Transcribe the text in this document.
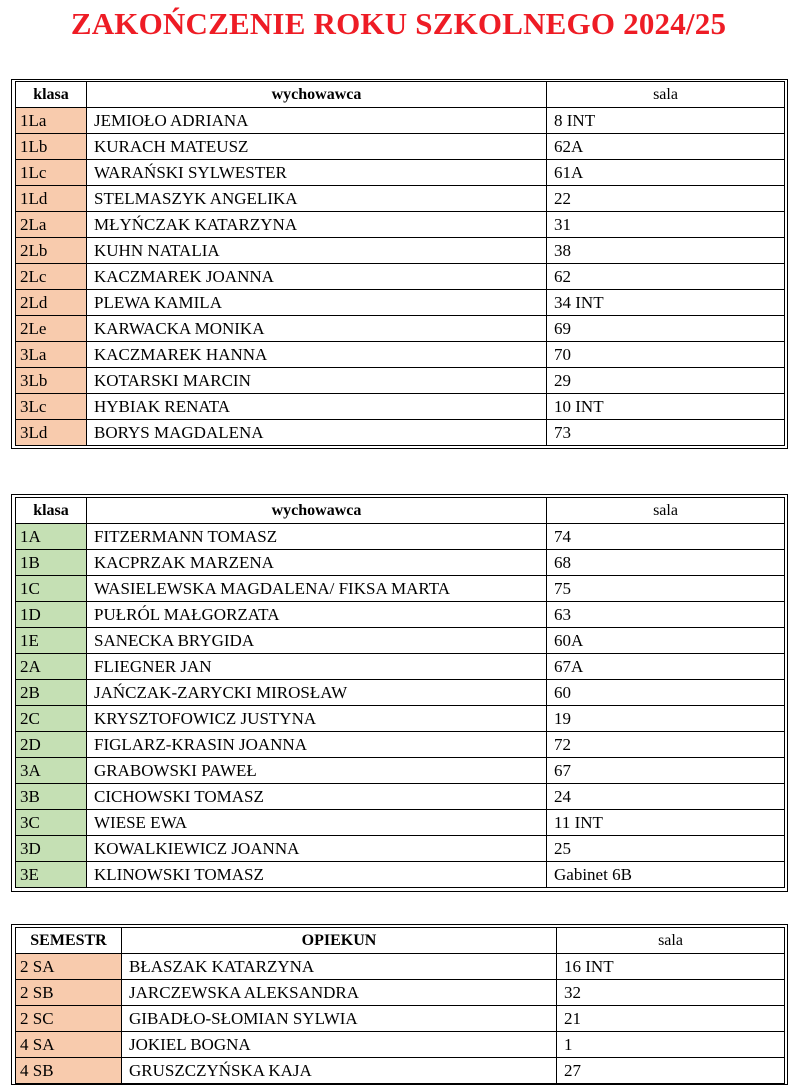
ZAKOŃCZENIE ROKU SZKOLNEGO 2024/25
klasa	wychowawca	sala
1La	JEMIOŁO ADRIANA	8 INT
1Lb	KURACH MATEUSZ	62A
1Lc	WARAŃSKI SYLWESTER	61A
1Ld	STELMASZYK ANGELIKA	22
2La	MŁYŃCZAK KATARZYNA	31
2Lb	KUHN NATALIA	38
2Lc	KACZMAREK JOANNA	62
2Ld	PLEWA KAMILA	34 INT
2Le	KARWACKA MONIKA	69
3La	KACZMAREK HANNA	70
3Lb	KOTARSKI MARCIN	29
3Lc	HYBIAK RENATA	10 INT
3Ld	BORYS MAGDALENA	73
klasa	wychowawca	sala
1A	FITZERMANN TOMASZ	74
1B	KACPRZAK MARZENA	68
1C	WASIELEWSKA MAGDALENA/ FIKSA MARTA	75
1D	PUŁRÓL MAŁGORZATA	63
1E	SANECKA BRYGIDA	60A
2A	FLIEGNER JAN	67A
2B	JAŃCZAK-ZARYCKI MIROSŁAW	60
2C	KRYSZTOFOWICZ JUSTYNA	19
2D	FIGLARZ-KRASIN JOANNA	72
3A	GRABOWSKI PAWEŁ	67
3B	CICHOWSKI TOMASZ	24
3C	WIESE EWA	11 INT
3D	KOWALKIEWICZ JOANNA	25
3E	KLINOWSKI TOMASZ	Gabinet 6B
SEMESTR	OPIEKUN	sala
2 SA	BŁASZAK KATARZYNA	16 INT
2 SB	JARCZEWSKA ALEKSANDRA	32
2 SC	GIBADŁO-SŁOMIAN SYLWIA	21
4 SA	JOKIEL BOGNA	1
4 SB	GRUSZCZYŃSKA KAJA	27
